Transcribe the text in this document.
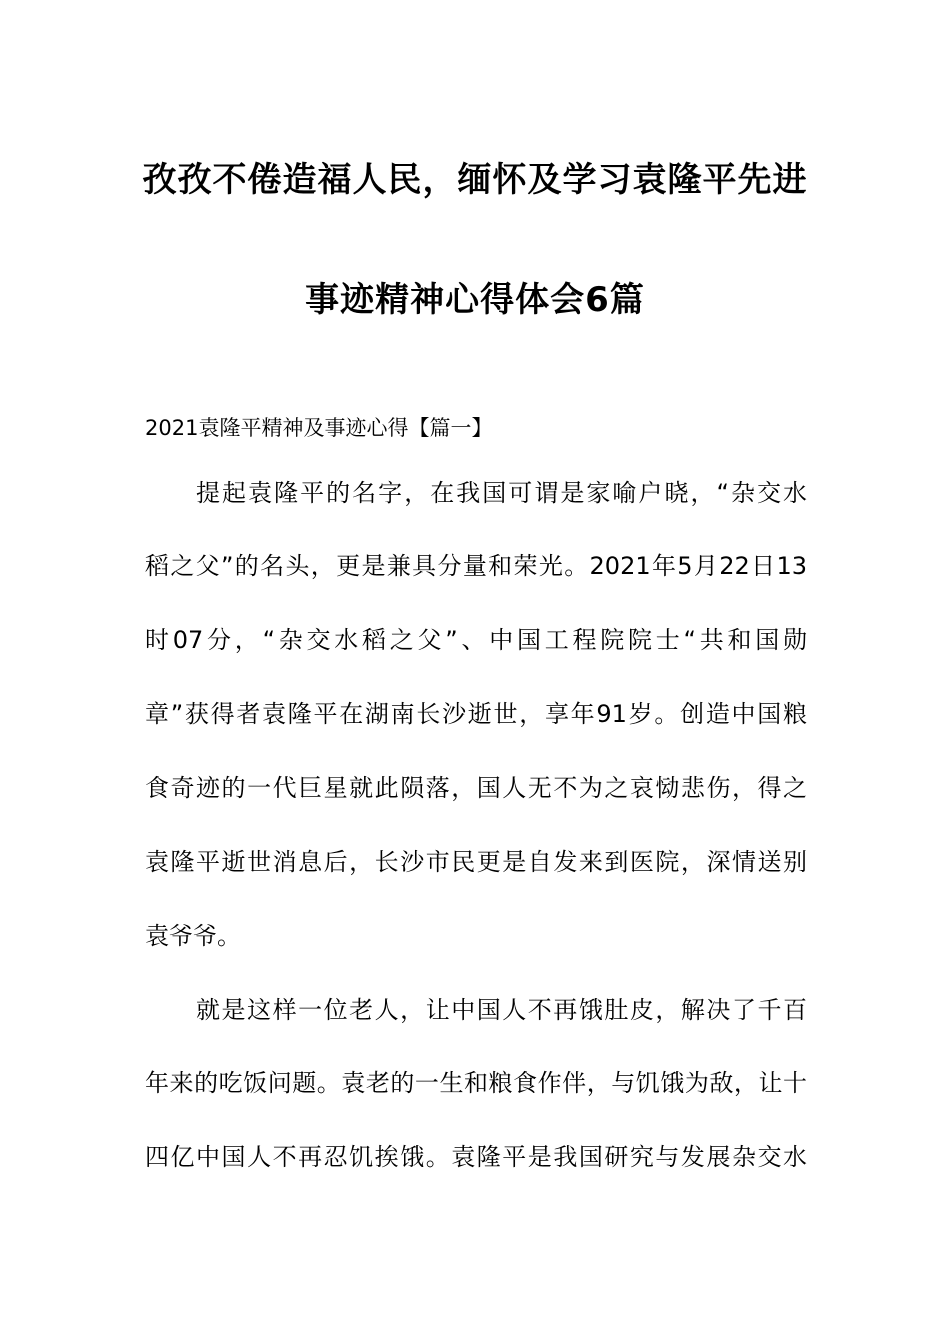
孜孜不倦造福人民，缅怀及学习袁隆平先进
事迹精神心得体会6篇
2021袁隆平精神及事迹心得【篇一】
提起袁隆平的名字，在我国可谓是家喻户晓，“杂交水
稻之父”的名头，更是兼具分量和荣光。2021年5月22日13
时07分，“杂交水稻之父”、中国工程院院士“共和国勋
章”获得者袁隆平在湖南长沙逝世，享年91岁。创造中国粮
食奇迹的一代巨星就此陨落，国人无不为之哀恸悲伤，得之
袁隆平逝世消息后，长沙市民更是自发来到医院，深情送别
袁爷爷。
就是这样一位老人，让中国人不再饿肚皮，解决了千百
年来的吃饭问题。袁老的一生和粮食作伴，与饥饿为敌，让十
四亿中国人不再忍饥挨饿。袁隆平是我国研究与发展杂交水
